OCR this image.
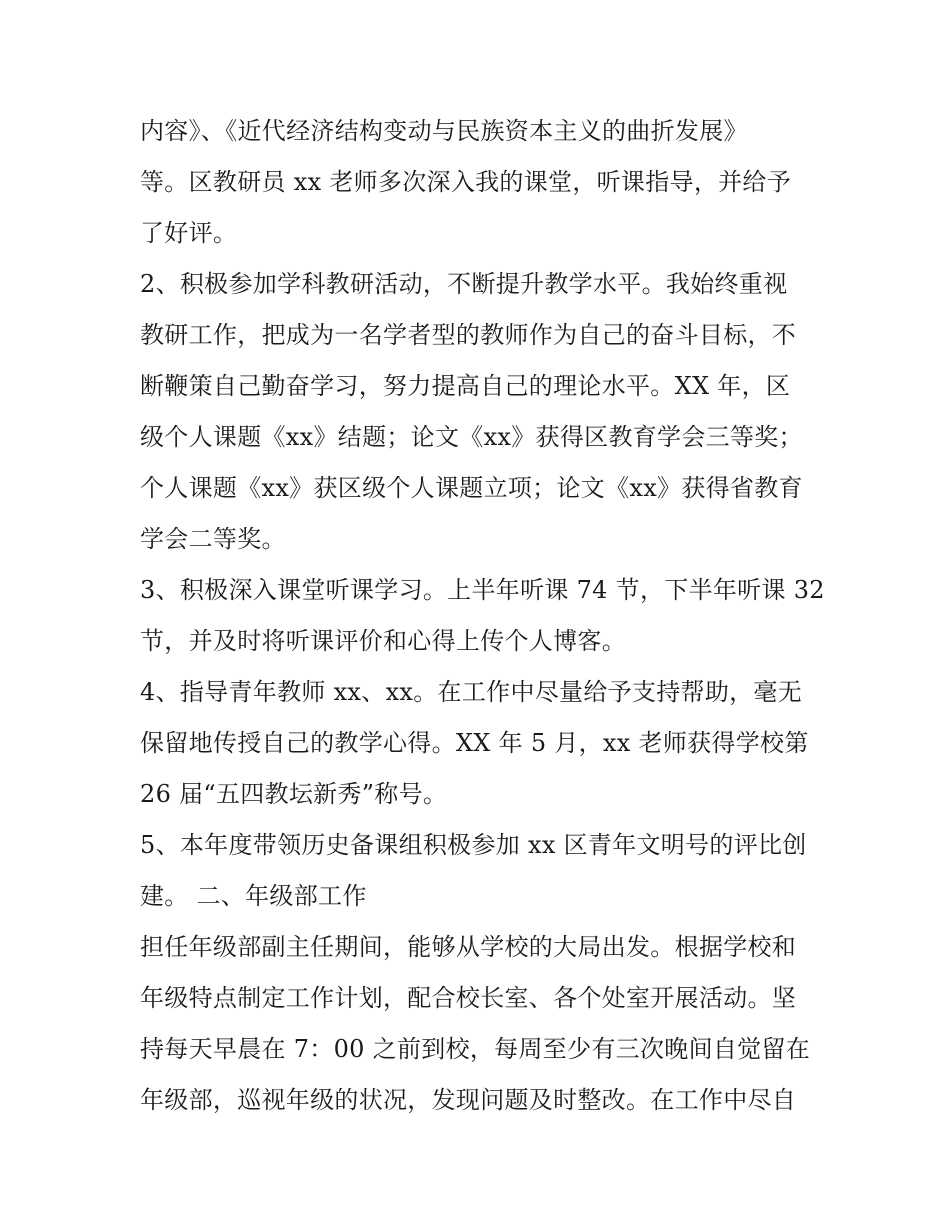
内容》、《近代经济结构变动与民族资本主义的曲折发展》
等。区教研员 xx 老师多次深入我的课堂，听课指导，并给予
了好评。
2、积极参加学科教研活动，不断提升教学水平。我始终重视
教研工作，把成为一名学者型的教师作为自己的奋斗目标，不
断鞭策自己勤奋学习，努力提高自己的理论水平。XX 年，区
级个人课题《xx》结题；论文《xx》获得区教育学会三等奖；
个人课题《xx》获区级个人课题立项；论文《xx》获得省教育
学会二等奖。
3、积极深入课堂听课学习。上半年听课 74 节，下半年听课 32
节，并及时将听课评价和心得上传个人博客。
4、指导青年教师 xx、xx。在工作中尽量给予支持帮助，毫无
保留地传授自己的教学心得。XX 年 5 月，xx 老师获得学校第
26 届“五四教坛新秀”称号。
5、本年度带领历史备课组积极参加 xx 区青年文明号的评比创
建。 二、年级部工作
担任年级部副主任期间，能够从学校的大局出发。根据学校和
年级特点制定工作计划，配合校长室、各个处室开展活动。坚
持每天早晨在 7：00 之前到校，每周至少有三次晚间自觉留在
年级部，巡视年级的状况，发现问题及时整改。在工作中尽自
